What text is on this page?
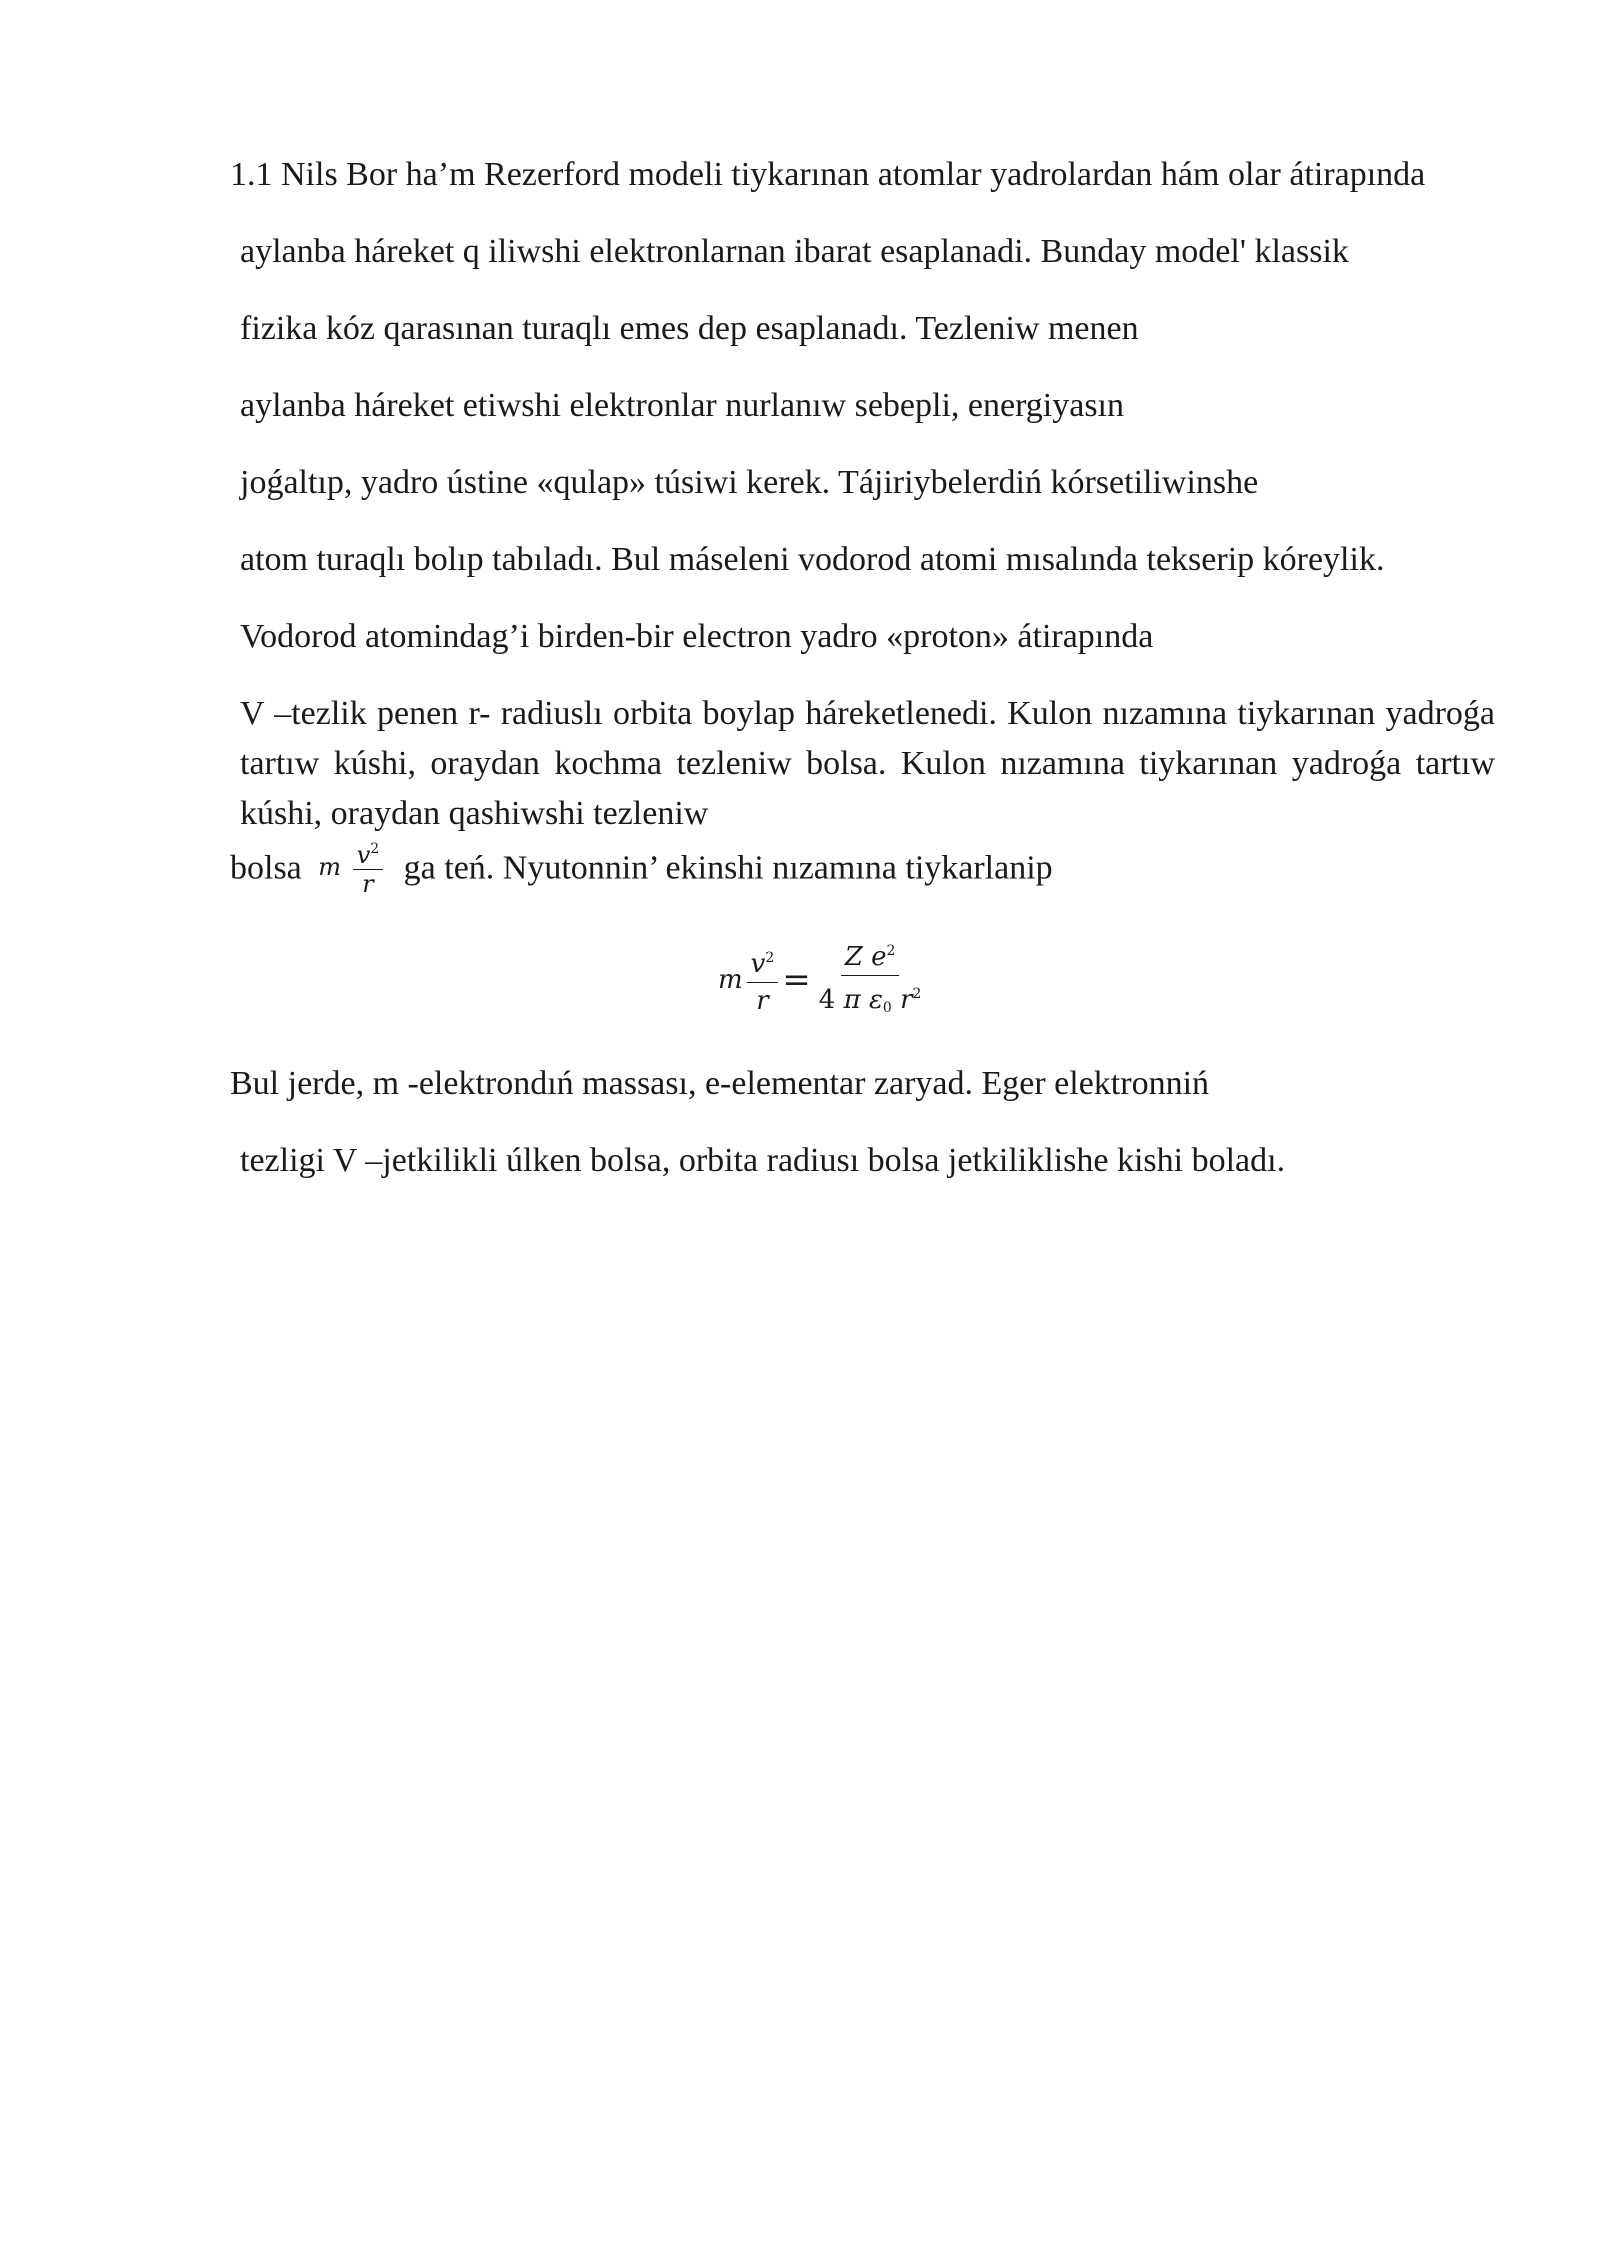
1.1 Nils Bor ha’m Rezerford modeli tiykarınan atomlar yadrolardan hám olar átirapında

aylanba háreket q iliwshi elektronlarnan ibarat esaplanadi. Bunday model' klassik

fizika kóz qarasınan turaqlı emes dep esaplanadı. Tezleniw menen

aylanba háreket etiwshi elektronlar nurlanıw sebepli, energiyasın

joǵaltıp, yadro ústine «qulap» túsiwi kerek. Tájiriybelerdiń kórsetiliwinshe

atom turaqlı bolıp tabıladı. Bul máseleni vodorod atomi mısalında tekserip kóreylik.

Vodorod atomindag’i birden-bir electron yadro «proton» átirapında

V –tezlik penen r- radiuslı orbita boylap háreketlenedi. Kulon nızamına tiykarınan yadroǵa tartıw kúshi, oraydan kochma tezleniw bolsa. Kulon nızamına tiykarınan yadroǵa tartıw kúshi, oraydan qashiwshi tezleniw

bolsa m $\frac{v^2}{r}$ ga teń. Nyutonnin’ ekinshi nızamına tiykarlanip

m $\frac{v^2}{r} = \frac{Z e^2}{4 \pi \varepsilon_0 r^2}$

Bul jerde, m -elektrondıń massası, e-elementar zaryad. Eger elektronniń

tezligi V –jetkilikli úlken bolsa, orbita radiusı bolsa jetkiliklishe kishi boladı.
